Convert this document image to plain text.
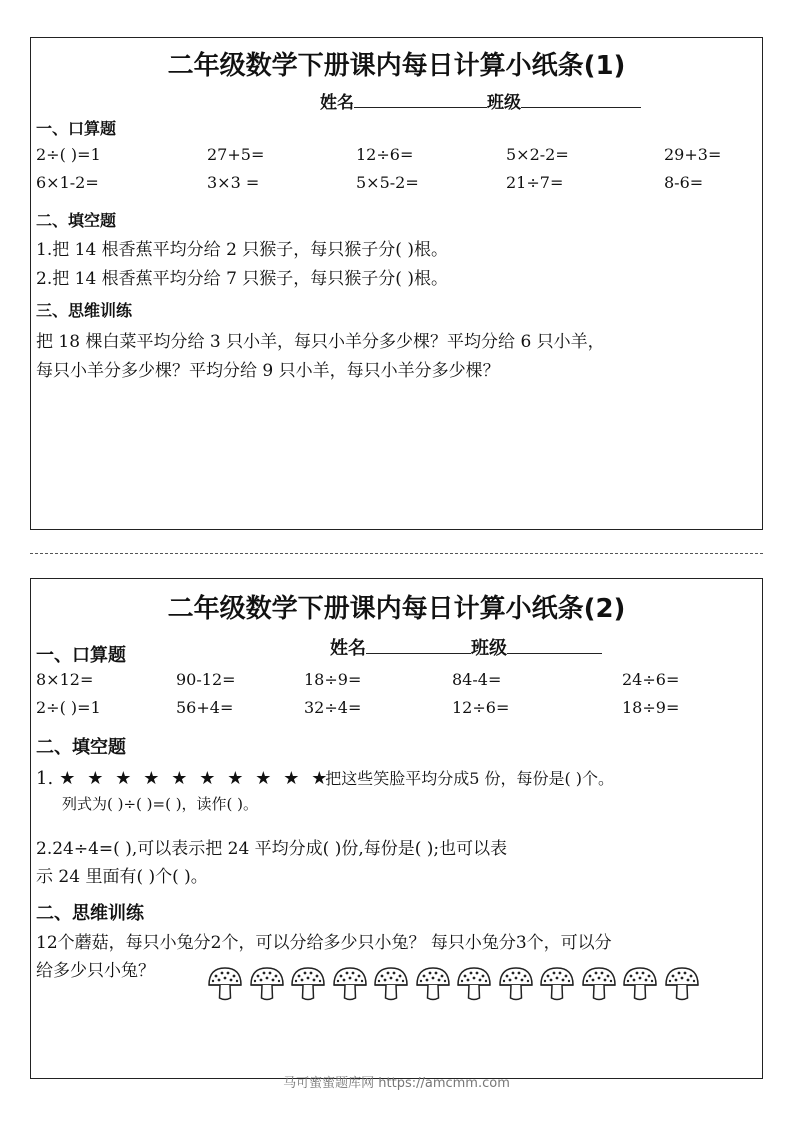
二年级数学下册课内每日计算小纸条(1)
姓名	班级
一、口算题
2÷( )=1	27+5=	12÷6=	5×2-2=	29+3=
6×1-2=	3×3 =	5×5-2=	21÷7=	8-6=
二、填空题
1.把 14 根香蕉平均分给 2 只猴子，每只猴子分( )根。
2.把 14 根香蕉平均分给 7 只猴子，每只猴子分( )根。
三、思维训练
把 18 棵白菜平均分给 3 只小羊，每只小羊分多少棵？平均分给 6 只小羊，
每只小羊分多少棵？平均分给 9 只小羊，每只小羊分多少棵？
二年级数学下册课内每日计算小纸条(2)
姓名	班级
一、口算题
8×12=	90-12=	18÷9=	84-4=	24÷6=
2÷( )=1	56+4=	32÷4=	12÷6=	18÷9=
二、填空题
1. ★ ★ ★ ★ ★ ★ ★ ★ ★ ★把这些笑脸平均分成5 份，每份是( )个。
列式为( )÷( )=( )，读作( )。
2.24÷4=( ),可以表示把 24 平均分成( )份,每份是( );也可以表
示 24 里面有( )个( )。
二、思维训练
12个蘑菇，每只小兔分2个，可以分给多少只小兔？ 每只小兔分3个，可以分
给多少只小兔？
马可蜜蜜题库网 https://amcmm.com
